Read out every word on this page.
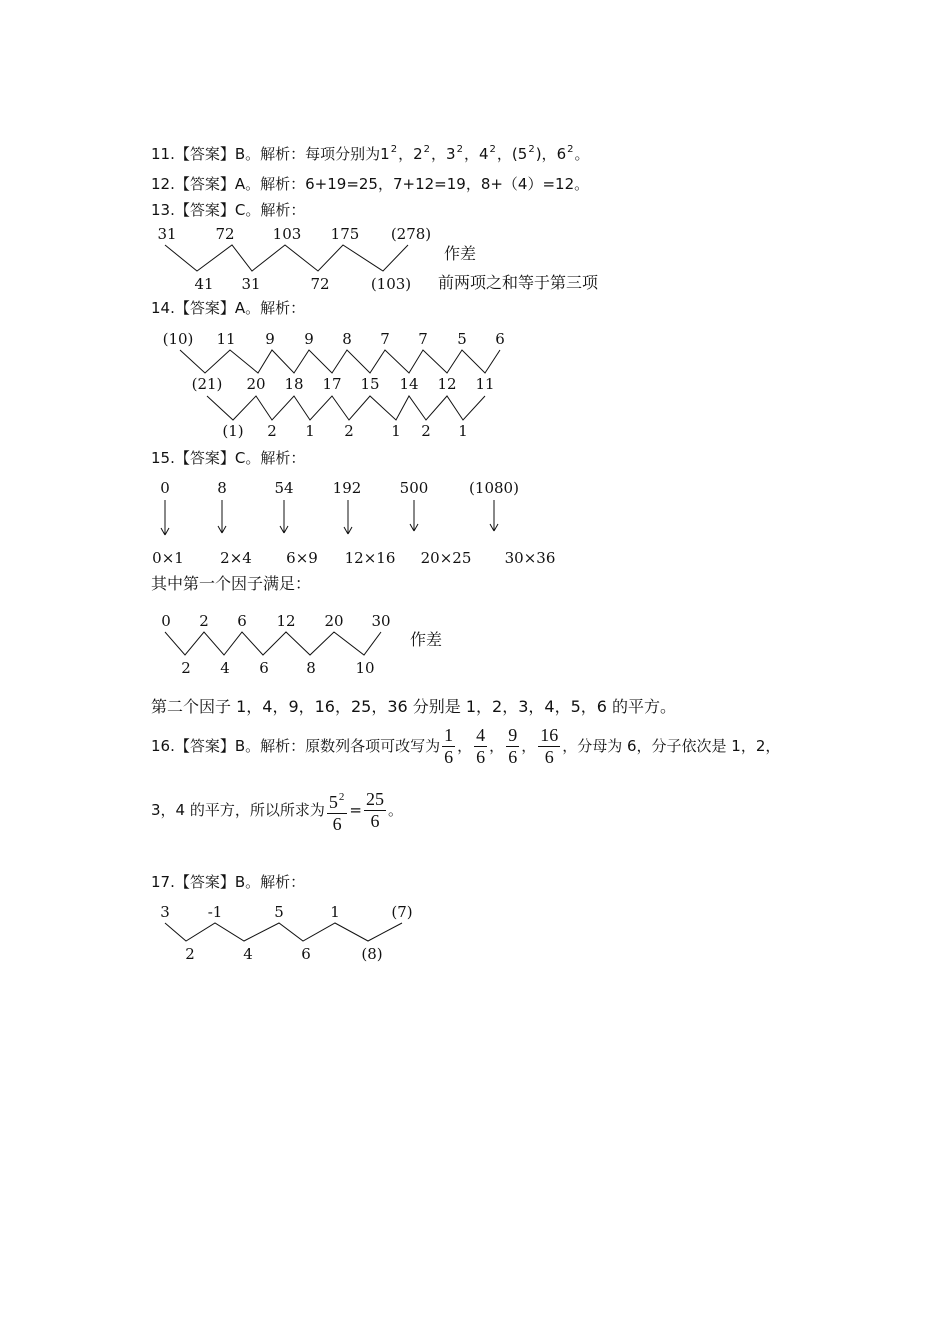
11.【答案】B。解析：每项分别为$1^2$，$2^2$，$3^2$，$4^2$，$(5^2)$，$6^2$。
12.【答案】A。解析：6+19=25，7+12=19，8+（4）=12。
13.【答案】C。解析：
31	72	103 175 (278)
作差
41 31	72	(103) 前两项之和等于第三项
14.【答案】A。解析：
(10) 11 9 9 8 7 7 5 6
(21) 20 18 17 15 14 12 11
(1) 2 1 2 1 2 1
15.【答案】C。解析：
0	8	54	192	500	(1080)
0×1 2×4 6×9 12×16 20×25 30×36
其中第一个因子满足：
0 2 6 12 20 30
作差
2 4 6 8	10
第二个因子 1，4，9，16，25，36 分别是 1，2，3，4，5，6 的平方。
16.【答案】B。解析：原数列各项可改写为 $\frac{1}{6}$ ， $\frac{4}{6}$ ， $\frac{9}{6}$ ， $\frac{16}{6}$ ，分母为 6，分子依次是 1，2，
3，4 的平方，所以所求为 $\frac{5^2}{6} = \frac{25}{6}$ 。
17.【答案】B。解析：
3	-1	5	1	(7)
2	4	6	(8)
